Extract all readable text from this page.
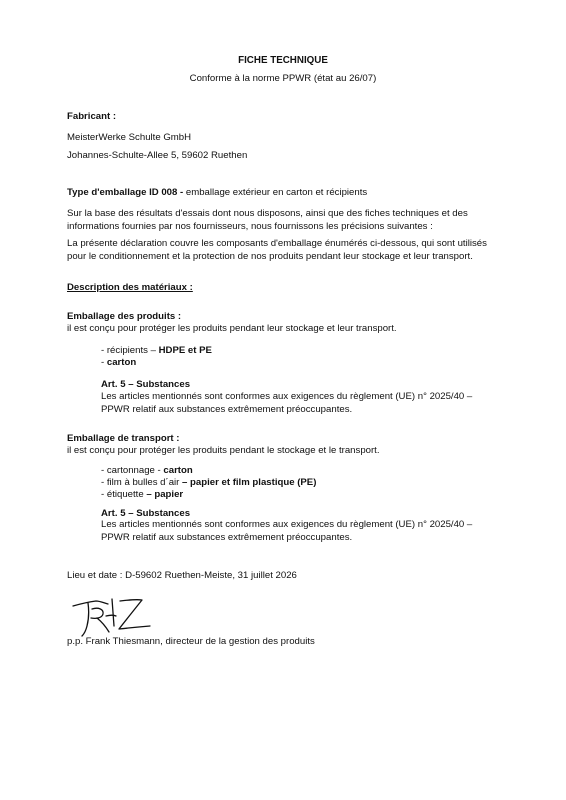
FICHE TECHNIQUE
Conforme à la norme PPWR (état au 26/07)
Fabricant :
MeisterWerke Schulte GmbH
Johannes-Schulte-Allee 5, 59602 Ruethen
Type d'emballage ID 008 - emballage extérieur en carton et récipients
Sur la base des résultats d'essais dont nous disposons, ainsi que des fiches techniques et des informations fournies par nos fournisseurs, nous fournissons les précisions suivantes :
La présente déclaration couvre les composants d'emballage énumérés ci-dessous, qui sont utilisés pour le conditionnement et la protection de nos produits pendant leur stockage et leur transport.
Description des matériaux :
Emballage des produits :
il est conçu pour protéger les produits pendant leur stockage et leur transport.
- récipients – HDPE et PE
- carton
Art. 5 – Substances
Les articles mentionnés sont conformes aux exigences du règlement (UE) n° 2025/40 – PPWR relatif aux substances extrêmement préoccupantes.
Emballage de transport :
il est conçu pour protéger les produits pendant le stockage et le transport.
- cartonnage - carton
- film à bulles d´air – papier et film plastique (PE)
- étiquette – papier
Art. 5 – Substances
Les articles mentionnés sont conformes aux exigences du règlement (UE) n° 2025/40 – PPWR relatif aux substances extrêmement préoccupantes.
Lieu et date : D-59602 Ruethen-Meiste, 31 juillet 2026
p.p. Frank Thiesmann, directeur de la gestion des produits
